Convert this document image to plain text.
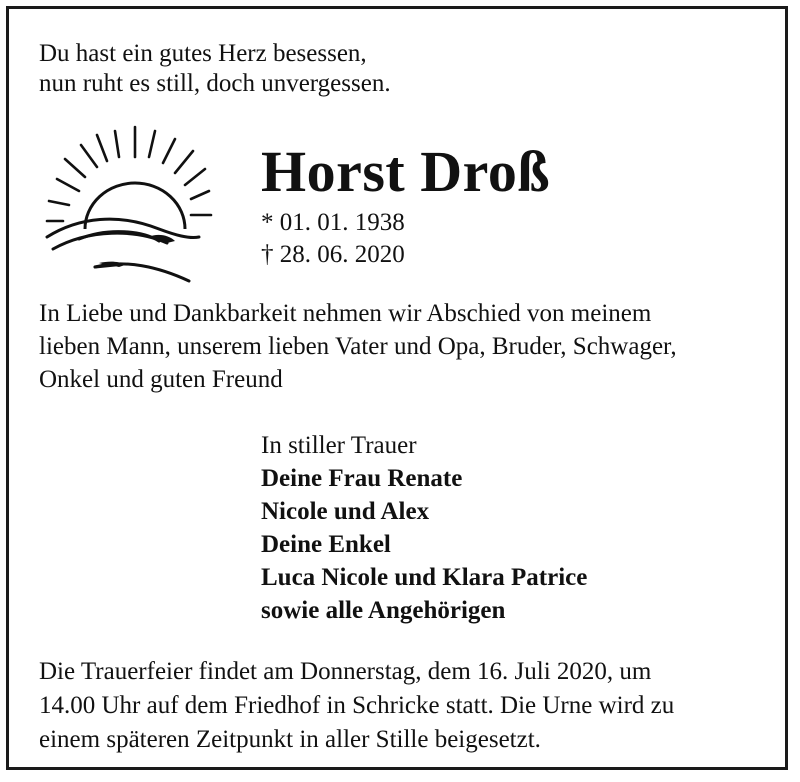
Du hast ein gutes Herz besessen,
nun ruht es still, doch unvergessen.
Horst Droß
* 01. 01. 1938
† 28. 06. 2020
In Liebe und Dankbarkeit nehmen wir Abschied von meinem
lieben Mann, unserem lieben Vater und Opa, Bruder, Schwager,
Onkel und guten Freund
In stiller Trauer
Deine Frau Renate
Nicole und Alex
Deine Enkel
Luca Nicole und Klara Patrice
sowie alle Angehörigen
Die Trauerfeier findet am Donnerstag, dem 16. Juli 2020, um
14.00 Uhr auf dem Friedhof in Schricke statt. Die Urne wird zu
einem späteren Zeitpunkt in aller Stille beigesetzt.
